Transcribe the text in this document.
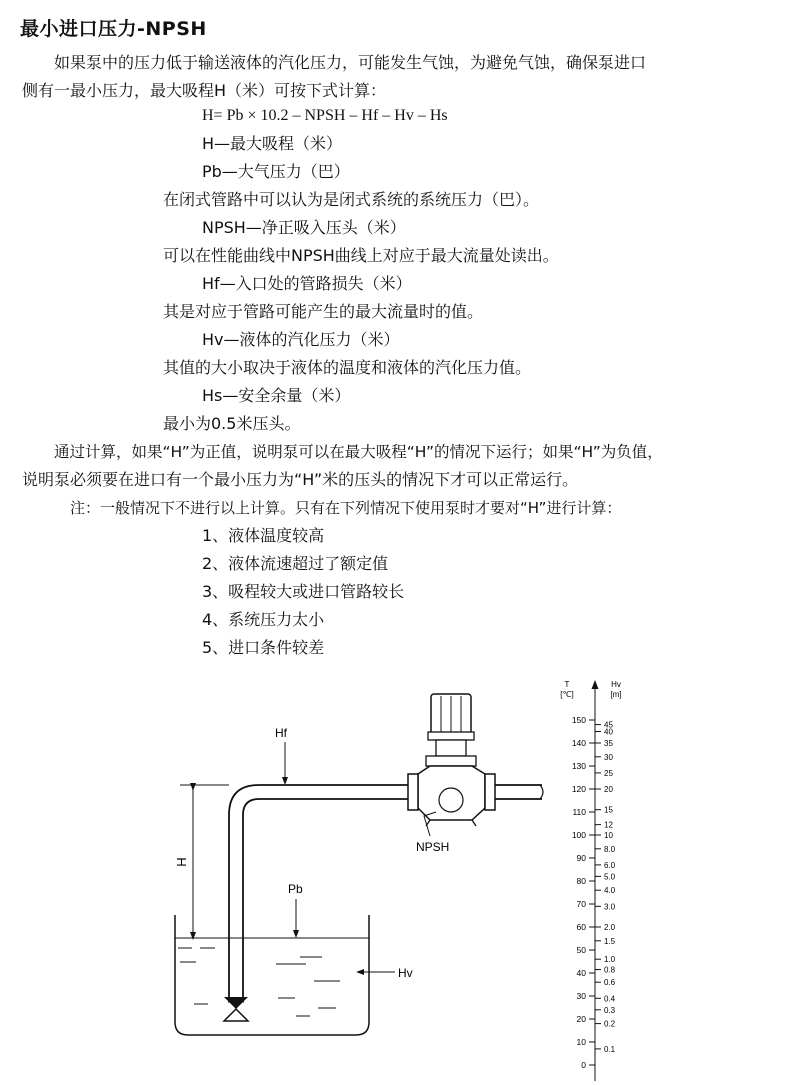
最小进口压力-NPSH
如果泵中的压力低于输送液体的汽化压力，可能发生气蚀，为避免气蚀，确保泵进口
侧有一最小压力，最大吸程H（米）可按下式计算：
H= Pb × 10.2 – NPSH – Hf – Hv – Hs
H—最大吸程（米）
Pb—大气压力（巴）
在闭式管路中可以认为是闭式系统的系统压力（巴）。
NPSH—净正吸入压头（米）
可以在性能曲线中NPSH曲线上对应于最大流量处读出。
Hf—入口处的管路损失（米）
其是对应于管路可能产生的最大流量时的值。
Hv—液体的汽化压力（米）
其值的大小取决于液体的温度和液体的汽化压力值。
Hs—安全余量（米）
最小为0.5米压头。
通过计算，如果“H”为正值，说明泵可以在最大吸程“H”的情况下运行；如果“H”为负值，
说明泵必须要在进口有一个最小压力为“H”米的压头的情况下才可以正常运行。
注：一般情况下不进行以上计算。只有在下列情况下使用泵时才要对“H”进行计算：
1、液体温度较高
2、液体流速超过了额定值
3、吸程较大或进口管路较长
4、系统压力太小
5、进口条件较差
H
Hf
Pb
Hv
NPSH
T
[℃]
Hv
[m]
150
140
130
120
110
100
90
80
70
60
50
40
30
20
10
0
45
40
35
30
25
20
15
12
10
8.0
6.0
5.0
4.0
3.0
2.0
1.5
1.0
0.8
0.6
0.4
0.3
0.2
0.1
